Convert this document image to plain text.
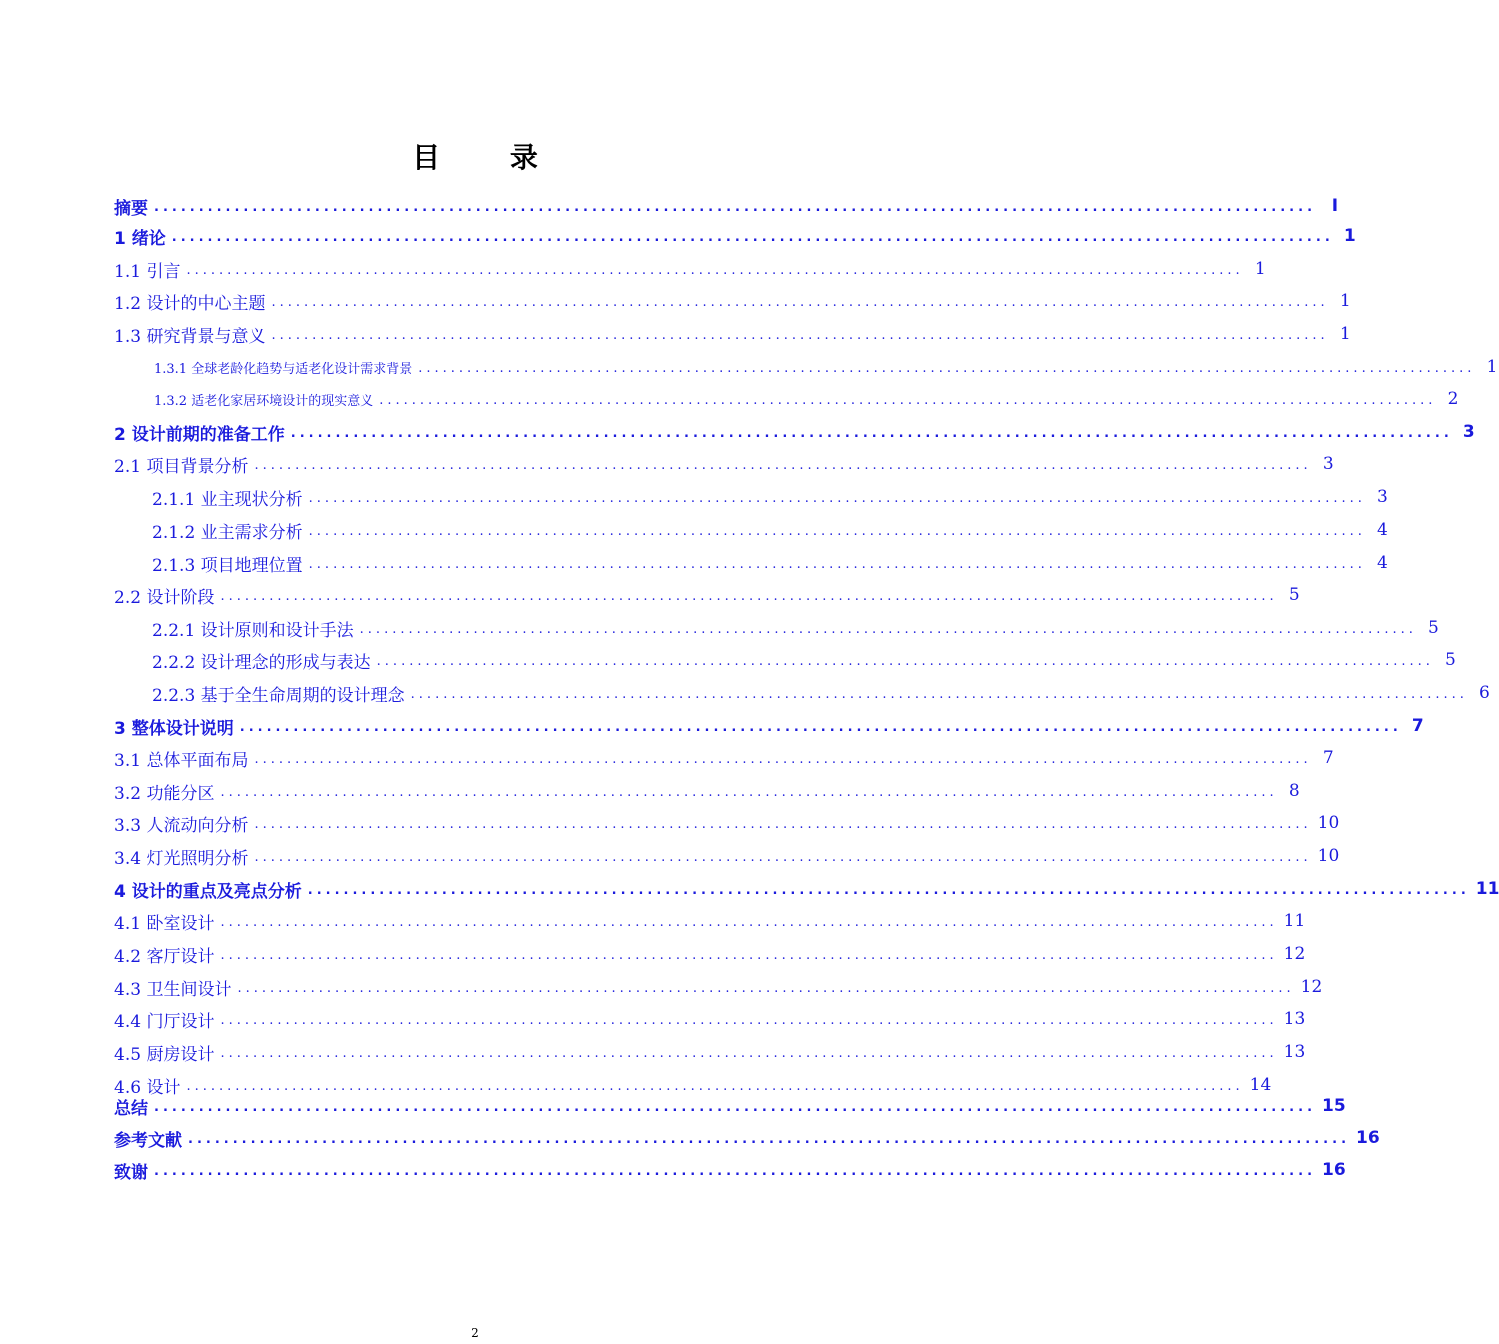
目 录
摘要 .................................................................................................................................. I
1 绪论 .................................................................................................................................. 1
1.1 引言 .................................................................................................................................. 1
1.2 设计的中心主题 .................................................................................................................................. 1
1.3 研究背景与意义 .................................................................................................................................. 1
1.3.1 全球老龄化趋势与适老化设计需求背景 .................................................................................................................................. 1
1.3.2 适老化家居环境设计的现实意义 .................................................................................................................................. 2
2 设计前期的准备工作 .................................................................................................................................. 3
2.1 项目背景分析 .................................................................................................................................. 3
2.1.1 业主现状分析 .................................................................................................................................. 3
2.1.2 业主需求分析 .................................................................................................................................. 4
2.1.3 项目地理位置 .................................................................................................................................. 4
2.2 设计阶段 .................................................................................................................................. 5
2.2.1 设计原则和设计手法 .................................................................................................................................. 5
2.2.2 设计理念的形成与表达 .................................................................................................................................. 5
2.2.3 基于全生命周期的设计理念 .................................................................................................................................. 6
3 整体设计说明 .................................................................................................................................. 7
3.1 总体平面布局 .................................................................................................................................. 7
3.2 功能分区 .................................................................................................................................. 8
3.3 人流动向分析 .................................................................................................................................. 10
3.4 灯光照明分析 .................................................................................................................................. 10
4 设计的重点及亮点分析 .................................................................................................................................. 11
4.1 卧室设计 .................................................................................................................................. 11
4.2 客厅设计 .................................................................................................................................. 12
4.3 卫生间设计 .................................................................................................................................. 12
4.4 门厅设计 .................................................................................................................................. 13
4.5 厨房设计 .................................................................................................................................. 13
4.6 设计 .................................................................................................................................. 14
总结 .................................................................................................................................. 15
参考文献 .................................................................................................................................. 16
致谢 .................................................................................................................................. 16
2
